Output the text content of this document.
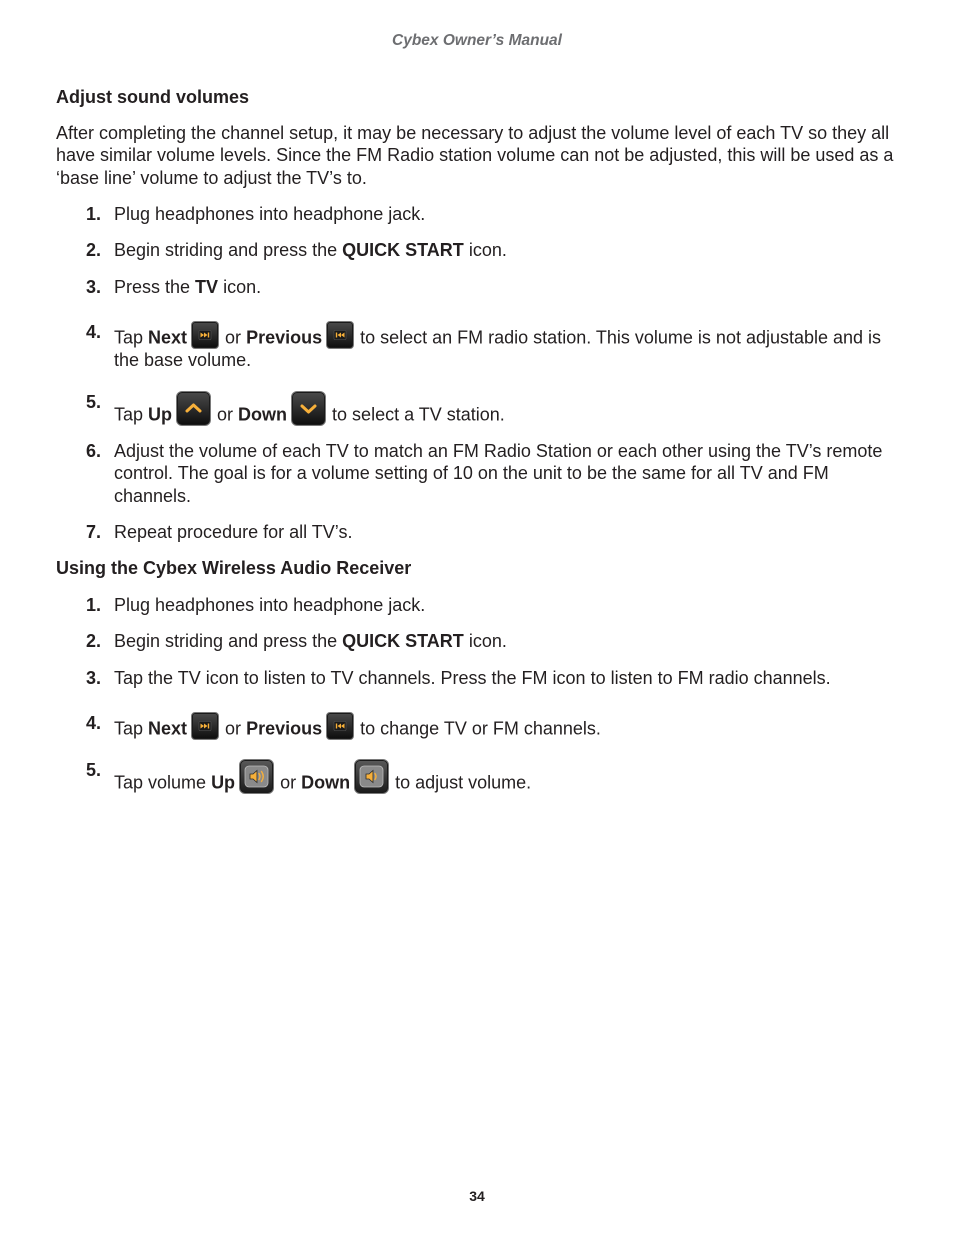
Cybex Owner’s Manual
Adjust sound volumes

After completing the channel setup, it may be necessary to adjust the volume level of each TV so they all have similar volume levels. Since the FM Radio station volume can not be adjusted, this will be used as a ‘base line’ volume to adjust the TV’s to.

1 . Plug headphones into headphone jack.
2 . Begin striding and press the QUICK START icon.
3 . Press the TV icon.
4 . Tap Next
or Previous
to select an FM radio station. This volume is not adjustable and is the base volume.
5 .
Tap Up
or Down
to select a TV station.
6 . Adjust the volume of each TV to match an FM Radio Station or each other using the TV’s remote control. The goal is for a volume setting of 10 on the unit to be the same for all TV and FM channels.
7 . Repeat procedure for all TV’s.
Using the Cybex Wireless Audio Receiver
1 . Plug headphones into headphone jack.
2 . Begin striding and press the QUICK START icon.
3 . Tap the TV icon to listen to TV channels. Press the FM icon to listen to FM radio channels.
4 . Tap Next
or Previous
to change TV or FM channels.
5 .
Tap volume Up
or Down
to adjust volume.
34
